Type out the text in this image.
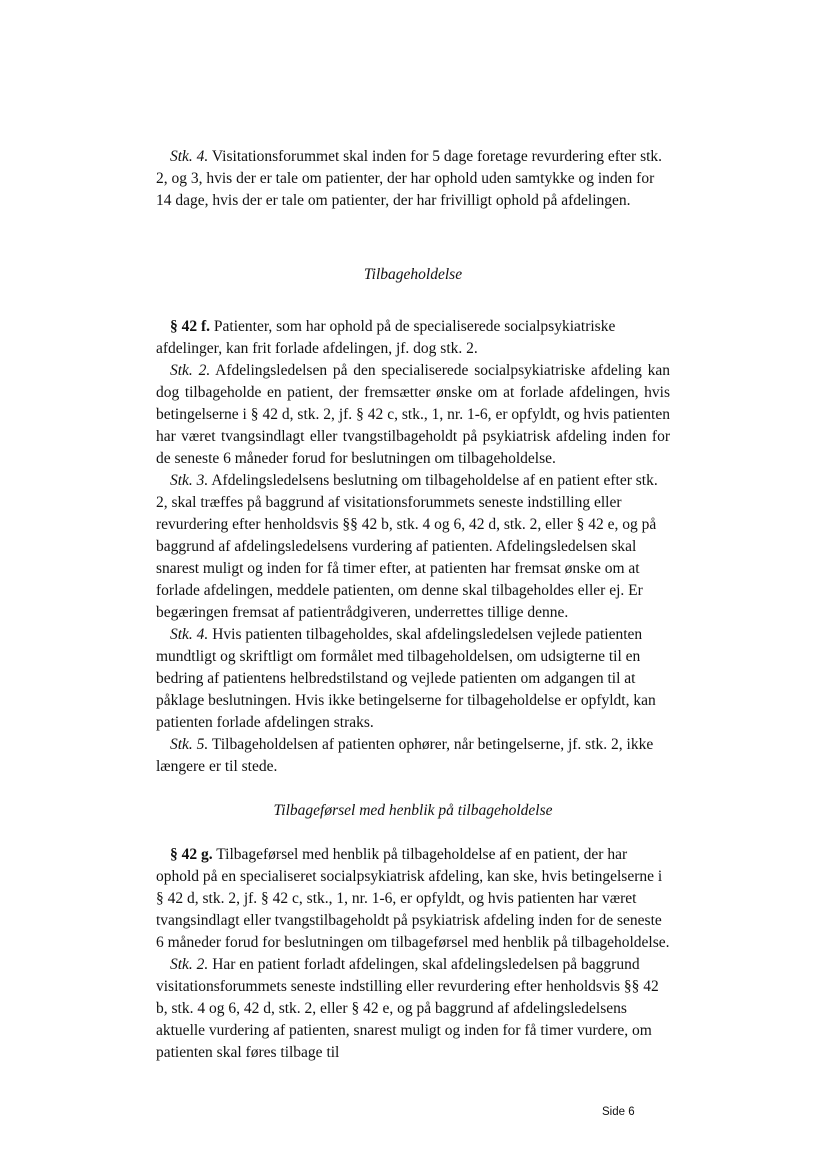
Stk. 4. Visitationsforummet skal inden for 5 dage foretage revurdering efter stk. 2, og 3, hvis der er tale om patienter, der har ophold uden samtykke og inden for 14 dage, hvis der er tale om patienter, der har frivilligt ophold på afdelingen.

Tilbageholdelse

§ 42 f. Patienter, som har ophold på de specialiserede socialpsykiatriske afdelinger, kan frit forlade afdelingen, jf. dog stk. 2.

Stk. 2. Afdelingsledelsen på den specialiserede socialpsykiatriske afdeling kan dog tilbageholde en patient, der fremsætter ønske om at forlade afdelingen, hvis betingelserne i § 42 d, stk. 2, jf. § 42 c, stk., 1, nr. 1-6, er opfyldt, og hvis patienten har været tvangsindlagt eller tvangstilbageholdt på psykiatrisk afdeling inden for de seneste 6 måneder forud for beslutningen om tilbageholdelse.

Stk. 3. Afdelingsledelsens beslutning om tilbageholdelse af en patient efter stk. 2, skal træffes på baggrund af visitationsforummets seneste indstilling eller revurdering efter henholdsvis §§ 42 b, stk. 4 og 6, 42 d, stk. 2, eller § 42 e, og på baggrund af afdelingsledelsens vurdering af patienten. Afdelingsledelsen skal snarest muligt og inden for få timer efter, at patienten har fremsat ønske om at forlade afdelingen, meddele patienten, om denne skal tilbageholdes eller ej. Er begæringen fremsat af patientrådgiveren, underrettes tillige denne.

Stk. 4. Hvis patienten tilbageholdes, skal afdelingsledelsen vejlede patienten mundtligt og skriftligt om formålet med tilbageholdelsen, om udsigterne til en bedring af patientens helbredstilstand og vejlede patienten om adgangen til at påklage beslutningen. Hvis ikke betingelserne for tilbageholdelse er opfyldt, kan patienten forlade afdelingen straks.

Stk. 5. Tilbageholdelsen af patienten ophører, når betingelserne, jf. stk. 2, ikke længere er til stede.

Tilbageførsel med henblik på tilbageholdelse

§ 42 g. Tilbageførsel med henblik på tilbageholdelse af en patient, der har ophold på en specialiseret socialpsykiatrisk afdeling, kan ske, hvis betingelserne i § 42 d, stk. 2, jf. § 42 c, stk., 1, nr. 1-6, er opfyldt, og hvis patienten har været tvangsindlagt eller tvangstilbageholdt på psykiatrisk afdeling inden for de seneste 6 måneder forud for beslutningen om tilbageførsel med henblik på tilbageholdelse.

Stk. 2. Har en patient forladt afdelingen, skal afdelingsledelsen på baggrund visitationsforummets seneste indstilling eller revurdering efter henholdsvis §§ 42 b, stk. 4 og 6, 42 d, stk. 2, eller § 42 e, og på baggrund af afdelingsledelsens aktuelle vurdering af patienten, snarest muligt og inden for få timer vurdere, om patienten skal føres tilbage til

Side 6
